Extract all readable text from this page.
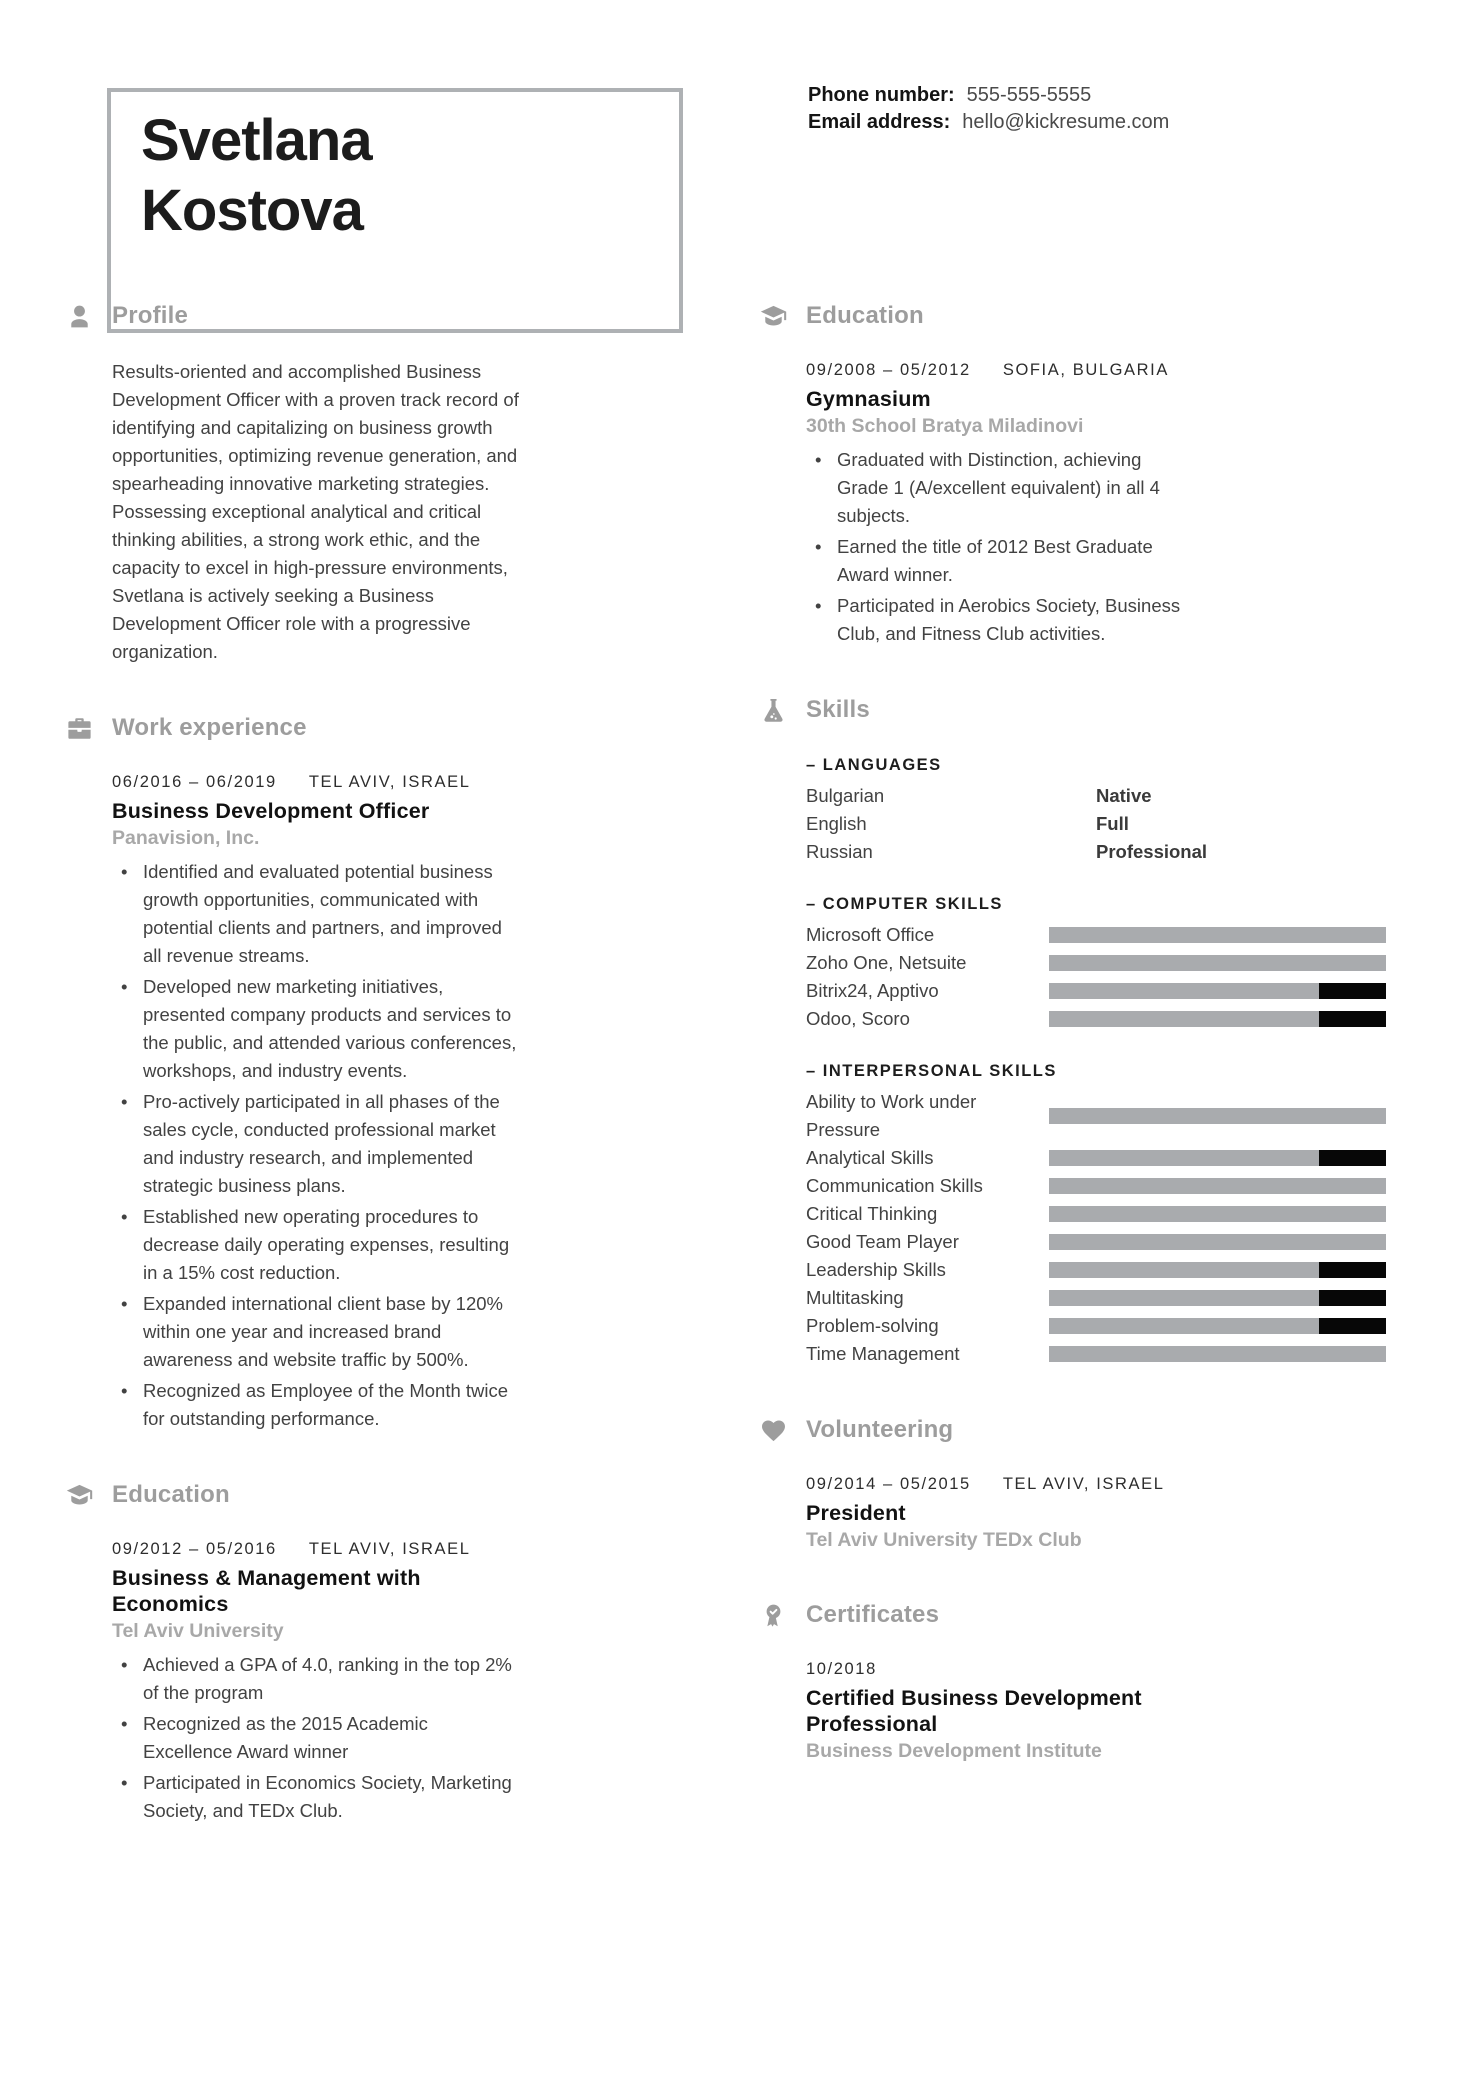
Svetlana
Kostova
Phone number: 555-555-5555
Email address: hello@kickresume.com
Profile

Results-oriented and accomplished Business Development Officer with a proven track record of identifying and capitalizing on business growth opportunities, optimizing revenue generation, and spearheading innovative marketing strategies. Possessing exceptional analytical and critical thinking abilities, a strong work ethic, and the capacity to excel in high-pressure environments, Svetlana is actively seeking a Business Development Officer role with a progressive organization.

Work experience
06/2016 – 06/2019 TEL AVIV, ISRAEL
Business Development Officer
Panavision, Inc.
• Identified and evaluated potential business growth opportunities, communicated with potential clients and partners, and improved all revenue streams.
• Developed new marketing initiatives, presented company products and services to the public, and attended various conferences, workshops, and industry events.
• Pro-actively participated in all phases of the sales cycle, conducted professional market and industry research, and implemented strategic business plans.
• Established new operating procedures to decrease daily operating expenses, resulting in a 15% cost reduction.
• Expanded international client base by 120% within one year and increased brand awareness and website traffic by 500%.
• Recognized as Employee of the Month twice for outstanding performance.
Education
09/2012 – 05/2016 TEL AVIV, ISRAEL
Business & Management with Economics
Tel Aviv University
• Achieved a GPA of 4.0, ranking in the top 2% of the program
• Recognized as the 2015 Academic Excellence Award winner
• Participated in Economics Society, Marketing Society, and TEDx Club.
Education
09/2008 – 05/2012 SOFIA, BULGARIA
Gymnasium
30th School Bratya Miladinovi
• Graduated with Distinction, achieving Grade 1 (A/excellent equivalent) in all 4 subjects.
• Earned the title of 2012 Best Graduate Award winner.
• Participated in Aerobics Society, Business Club, and Fitness Club activities.
Skills
– LANGUAGES
Bulgarian	Native
English	Full
Russian	Professional
– COMPUTER SKILLS
Microsoft Office
Zoho One, Netsuite
Bitrix24, Apptivo
Odoo, Scoro
– INTERPERSONAL SKILLS
Ability to Work under Pressure
Analytical Skills
Communication Skills
Critical Thinking
Good Team Player
Leadership Skills
Multitasking
Problem-solving
Time Management
Volunteering
09/2014 – 05/2015 TEL AVIV, ISRAEL
President
Tel Aviv University TEDx Club
Certificates
10/2018
Certified Business Development Professional
Business Development Institute
